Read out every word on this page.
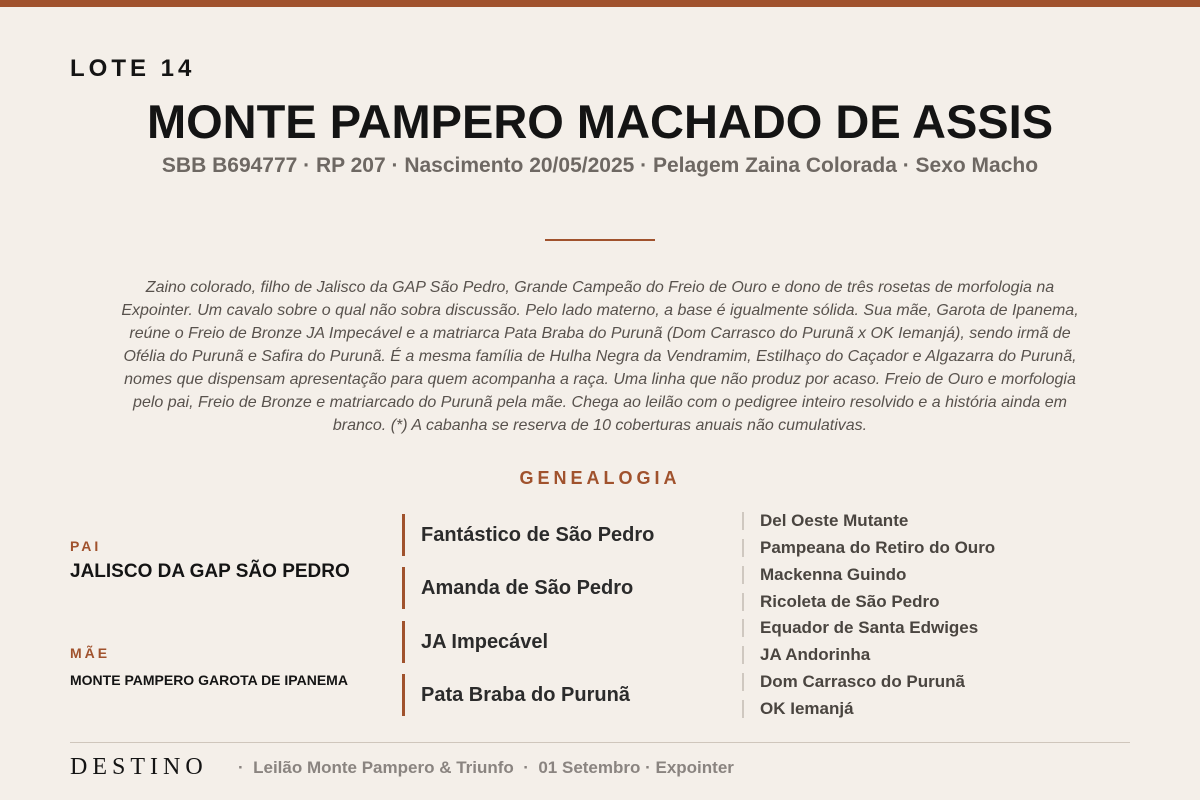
LOTE 14
MONTE PAMPERO MACHADO DE ASSIS
SBB B694777 · RP 207 · Nascimento 20/05/2025 · Pelagem Zaina Colorada · Sexo Macho
Zaino colorado, filho de Jalisco da GAP São Pedro, Grande Campeão do Freio de Ouro e dono de três rosetas de morfologia na Expointer. Um cavalo sobre o qual não sobra discussão. Pelo lado materno, a base é igualmente sólida. Sua mãe, Garota de Ipanema, reúne o Freio de Bronze JA Impecável e a matriarca Pata Braba do Purunã (Dom Carrasco do Purunã x OK Iemanjá), sendo irmã de Ofélia do Purunã e Safira do Purunã. É a mesma família de Hulha Negra da Vendramim, Estilhaço do Caçador e Algazarra do Purunã, nomes que dispensam apresentação para quem acompanha a raça. Uma linha que não produz por acaso. Freio de Ouro e morfologia pelo pai, Freio de Bronze e matriarcado do Purunã pela mãe. Chega ao leilão com o pedigree inteiro resolvido e a história ainda em branco. (*) A cabanha se reserva de 10 coberturas anuais não cumulativas.
GENEALOGIA
PAI
JALISCO DA GAP SÃO PEDRO
MÃE
MONTE PAMPERO GAROTA DE IPANEMA
Fantástico de São Pedro
Amanda de São Pedro
JA Impecável
Pata Braba do Purunã
Del Oeste Mutante
Pampeana do Retiro do Ouro
Mackenna Guindo
Ricoleta de São Pedro
Equador de Santa Edwiges
JA Andorinha
Dom Carrasco do Purunã
OK Iemanjá
DESTINO ·  Leilão Monte Pampero & Triunfo  ·  01 Setembro · Expointer
